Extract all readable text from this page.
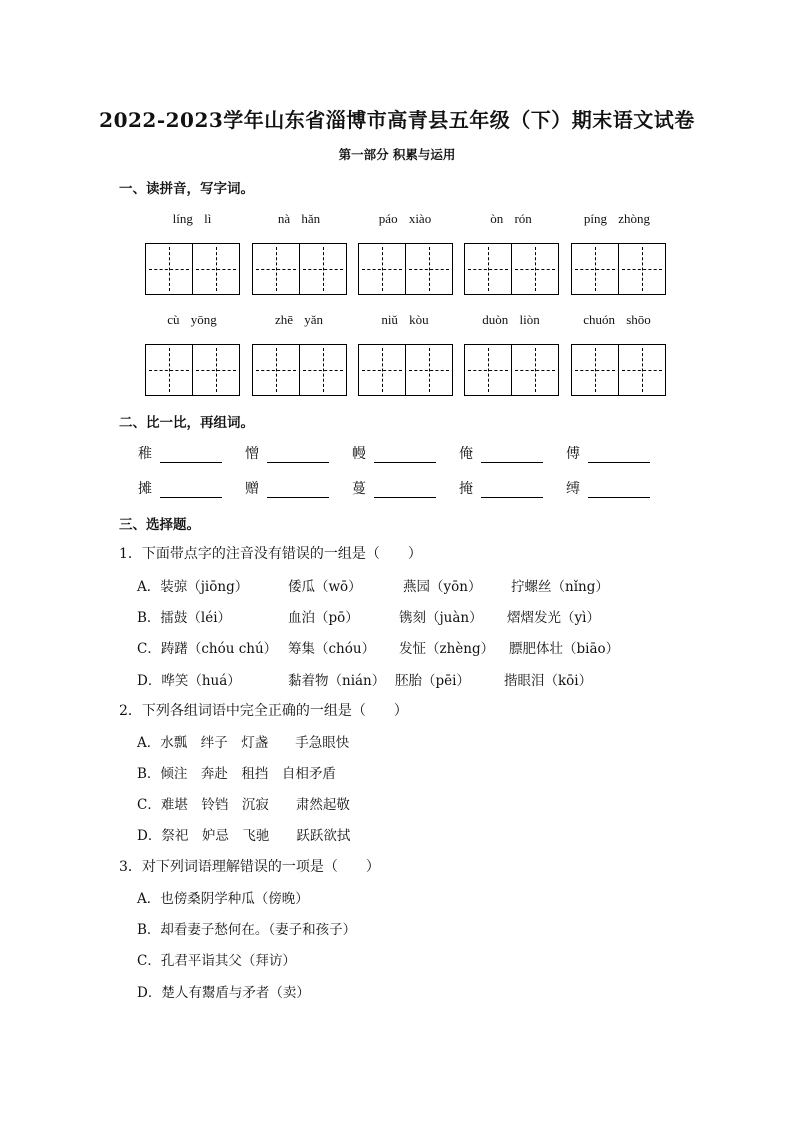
2022-2023学年山东省淄博市高青县五年级（下）期末语文试卷
第一部分 积累与运用
一、读拼音，写字词。
líng lì	nà hǎn	páo xiào	òn rón	píng zhòng
cù yōng	zhē yǎn	niǔ kòu	duòn liòn	chuón shōo
二、比一比，再组词。
稚	憎	幔	俺	傅
摊	赠	蔓	掩	缚
三、选择题。
1．下面带点字的注音没有错误的一组是（　　）
A．装弶（jiōng）	倭瓜（wō）	燕园（yōn） 拧螺丝（nǐng）
B．擂鼓（léi）	血泊（pō）	镌刻（juàn） 熠熠发光（yì）
C．踌躇（chóu chú） 筹集（chóu） 发怔（zhèng） 膘肥体壮（biāo）
D．哗笑（huá）	黏着物（nián） 胚胎（pēi）	揩眼泪（kōi）
2．下列各组词语中完全正确的一组是（　　）
A．水瓢　绊子　灯盏　　手急眼快
B．倾注　奔赴　租挡　自相矛盾
C．难堪　铃铛　沉寂　　肃然起敬
D．祭祀　妒忌　飞驰　　跃跃欲拭
3．对下列词语理解错误的一项是（　　）
A．也傍桑阴学种瓜（傍晚）
B．却看妻子愁何在。（妻子和孩子）
C．孔君平诣其父（拜访）
D．楚人有鬻盾与矛者（卖）
